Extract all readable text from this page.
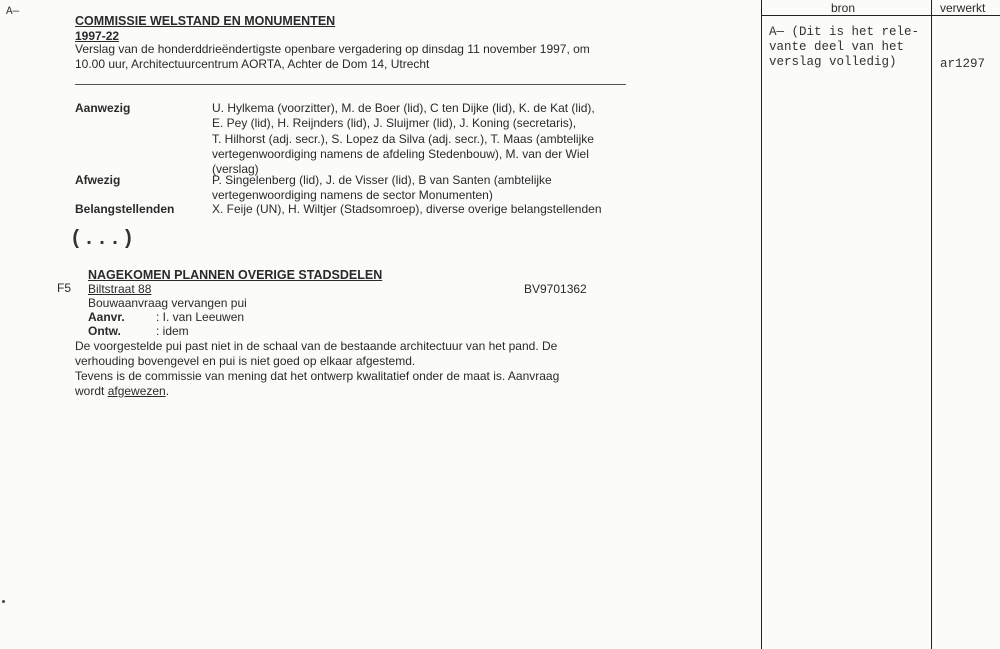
A—
COMMISSIE WELSTAND EN MONUMENTEN
1997-22
Verslag van de honderddrieëndertigste openbare vergadering op dinsdag 11 november 1997, om
10.00 uur, Architectuurcentrum AORTA, Achter de Dom 14, Utrecht
Aanwezig	U. Hylkema (voorzitter), M. de Boer (lid), C ten Dijke (lid), K. de Kat (lid),
E. Pey (lid), H. Reijnders (lid), J. Sluijmer (lid), J. Koning (secretaris),
T. Hilhorst (adj. secr.), S. Lopez da Silva (adj. secr.), T. Maas (ambtelijke
vertegenwoordiging namens de afdeling Stedenbouw), M. van der Wiel
(verslag)
Afwezig	P. Singelenberg (lid), J. de Visser (lid), B van Santen (ambtelijke
vertegenwoordiging namens de sector Monumenten)
Belangstellenden	X. Feije (UN), H. Wiltjer (Stadsomroep), diverse overige belangstellenden
(...)
NAGEKOMEN PLANNEN OVERIGE STADSDELEN
F5 Biltstraat 88	BV9701362
Bouwaanvraag vervangen pui
Aanvr.	: I. van Leeuwen
Ontw.	: idem
De voorgestelde pui past niet in de schaal van de bestaande architectuur van het pand. De
verhouding bovengevel en pui is niet goed op elkaar afgestemd.
Tevens is de commissie van mening dat het ontwerp kwalitatief onder de maat is. Aanvraag
wordt afgewezen.
bron	verwerkt
A— (Dit is het rele-
vante deel van het
verslag volledig)	ar1297
